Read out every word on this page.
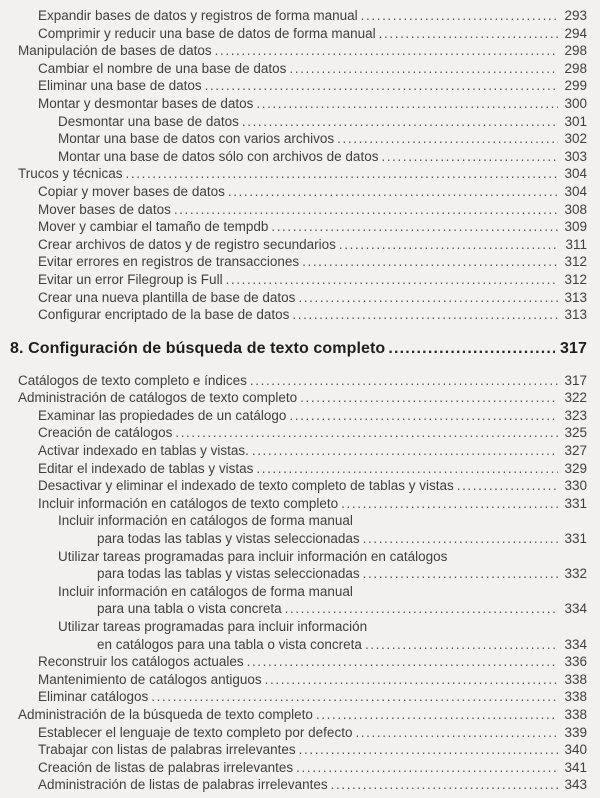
Expandir bases de datos y registros de forma manual .....	293
Comprimir y reducir una base de datos de forma manual .....	294
Manipulación de bases de datos .....	298
Cambiar el nombre de una base de datos .....	298
Eliminar una base de datos .....	299
Montar y desmontar bases de datos .....	300
Desmontar una base de datos .....	301
Montar una base de datos con varios archivos .....	302
Montar una base de datos sólo con archivos de datos .....	303
Trucos y técnicas .....	304
Copiar y mover bases de datos .....	304
Mover bases de datos .....	308
Mover y cambiar el tamaño de tempdb .....	309
Crear archivos de datos y de registro secundarios .....	311
Evitar errores en registros de transacciones .....	312
Evitar un error Filegroup is Full .....	312
Crear una nueva plantilla de base de datos .....	313
Configurar encriptado de la base de datos .....	313
8. Configuración de búsqueda de texto completo .....	317
Catálogos de texto completo e índices .....	317
Administración de catálogos de texto completo .....	322
Examinar las propiedades de un catálogo .....	323
Creación de catálogos .....	325
Activar indexado en tablas y vistas. .....	327
Editar el indexado de tablas y vistas .....	329
Desactivar y eliminar el indexado de texto completo de tablas y vistas .....	330
Incluir información en catálogos de texto completo .....	331
Incluir información en catálogos de forma manual
para todas las tablas y vistas seleccionadas .....	331
Utilizar tareas programadas para incluir información en catálogos
para todas las tablas y vistas seleccionadas .....	332
Incluir información en catálogos de forma manual
para una tabla o vista concreta .....	334
Utilizar tareas programadas para incluir información
en catálogos para una tabla o vista concreta .....	334
Reconstruir los catálogos actuales .....	336
Mantenimiento de catálogos antiguos .....	338
Eliminar catálogos .....	338
Administración de la búsqueda de texto completo .....	338
Establecer el lenguaje de texto completo por defecto .....	339
Trabajar con listas de palabras irrelevantes .....	340
Creación de listas de palabras irrelevantes .....	341
Administración de listas de palabras irrelevantes .....	343
